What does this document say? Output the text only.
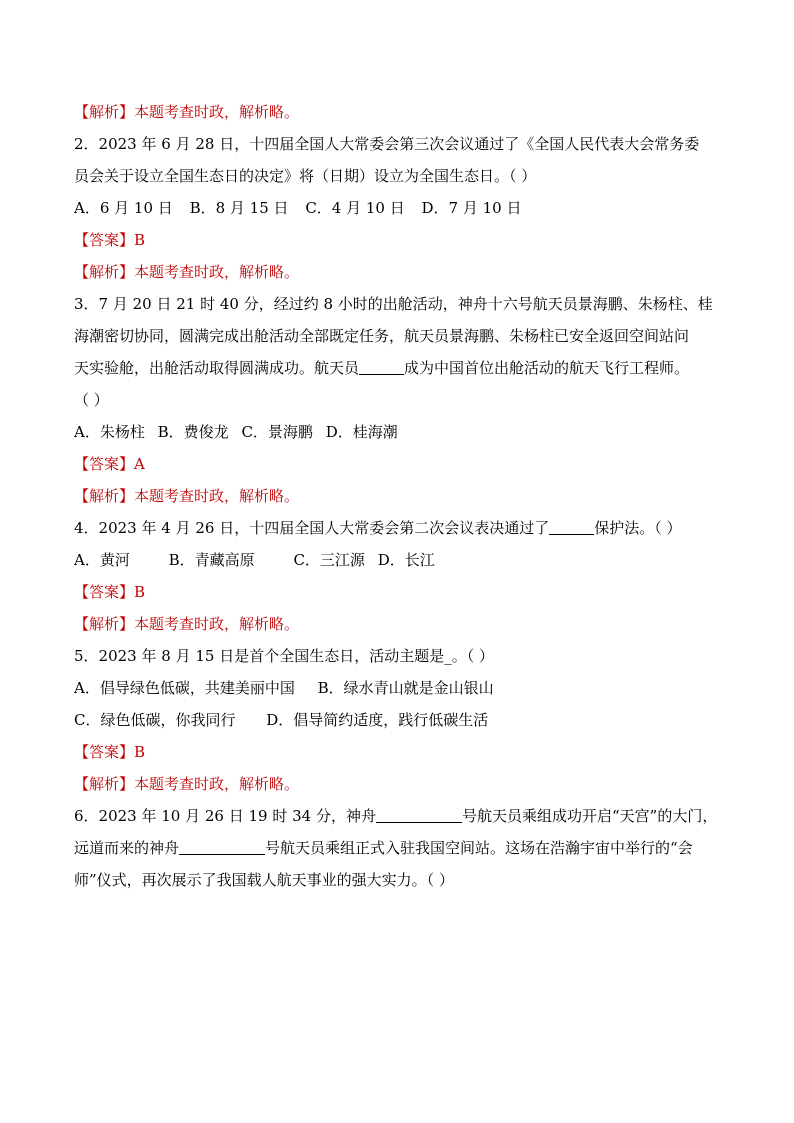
【解析】本题考查时政，解析略。
2．2023 年 6 月 28 日，十四届全国人大常委会第三次会议通过了《全国人民代表大会常务委
员会关于设立全国生态日的决定》将（日期）设立为全国生态日。（ ）
A．6 月 10 日 B．8 月 15 日 C．4 月 10 日 D．7 月 10 日
【答案】B
【解析】本题考查时政，解析略。
3．7 月 20 日 21 时 40 分，经过约 8 小时的出舱活动，神舟十六号航天员景海鹏、朱杨柱、桂
海潮密切协同，圆满完成出舱活动全部既定任务，航天员景海鹏、朱杨柱已安全返回空间站问
天实验舱，出舱活动取得圆满成功。航天员	成为中国首位出舱活动的航天飞行工程师。
（ ）
A．朱杨柱 B．费俊龙 C．景海鹏 D．桂海潮
【答案】A
【解析】本题考查时政，解析略。
4．2023 年 4 月 26 日，十四届全国人大常委会第二次会议表决通过了	保护法。（ ）
A．黄河	B．青藏高原	C．三江源 D．长江
【答案】B
【解析】本题考查时政，解析略。
5．2023 年 8 月 15 日是首个全国生态日，活动主题是_。（ ）
A．倡导绿色低碳，共建美丽中国 B．绿水青山就是金山银山
C．绿色低碳，你我同行 D．倡导简约适度，践行低碳生活
【答案】B
【解析】本题考查时政，解析略。
6．2023 年 10 月 26 日 19 时 34 分，神舟	号航天员乘组成功开启“天宫”的大门，
远道而来的神舟	号航天员乘组正式入驻我国空间站。这场在浩瀚宇宙中举行的“会
师”仪式，再次展示了我国载人航天事业的强大实力。（ ）
